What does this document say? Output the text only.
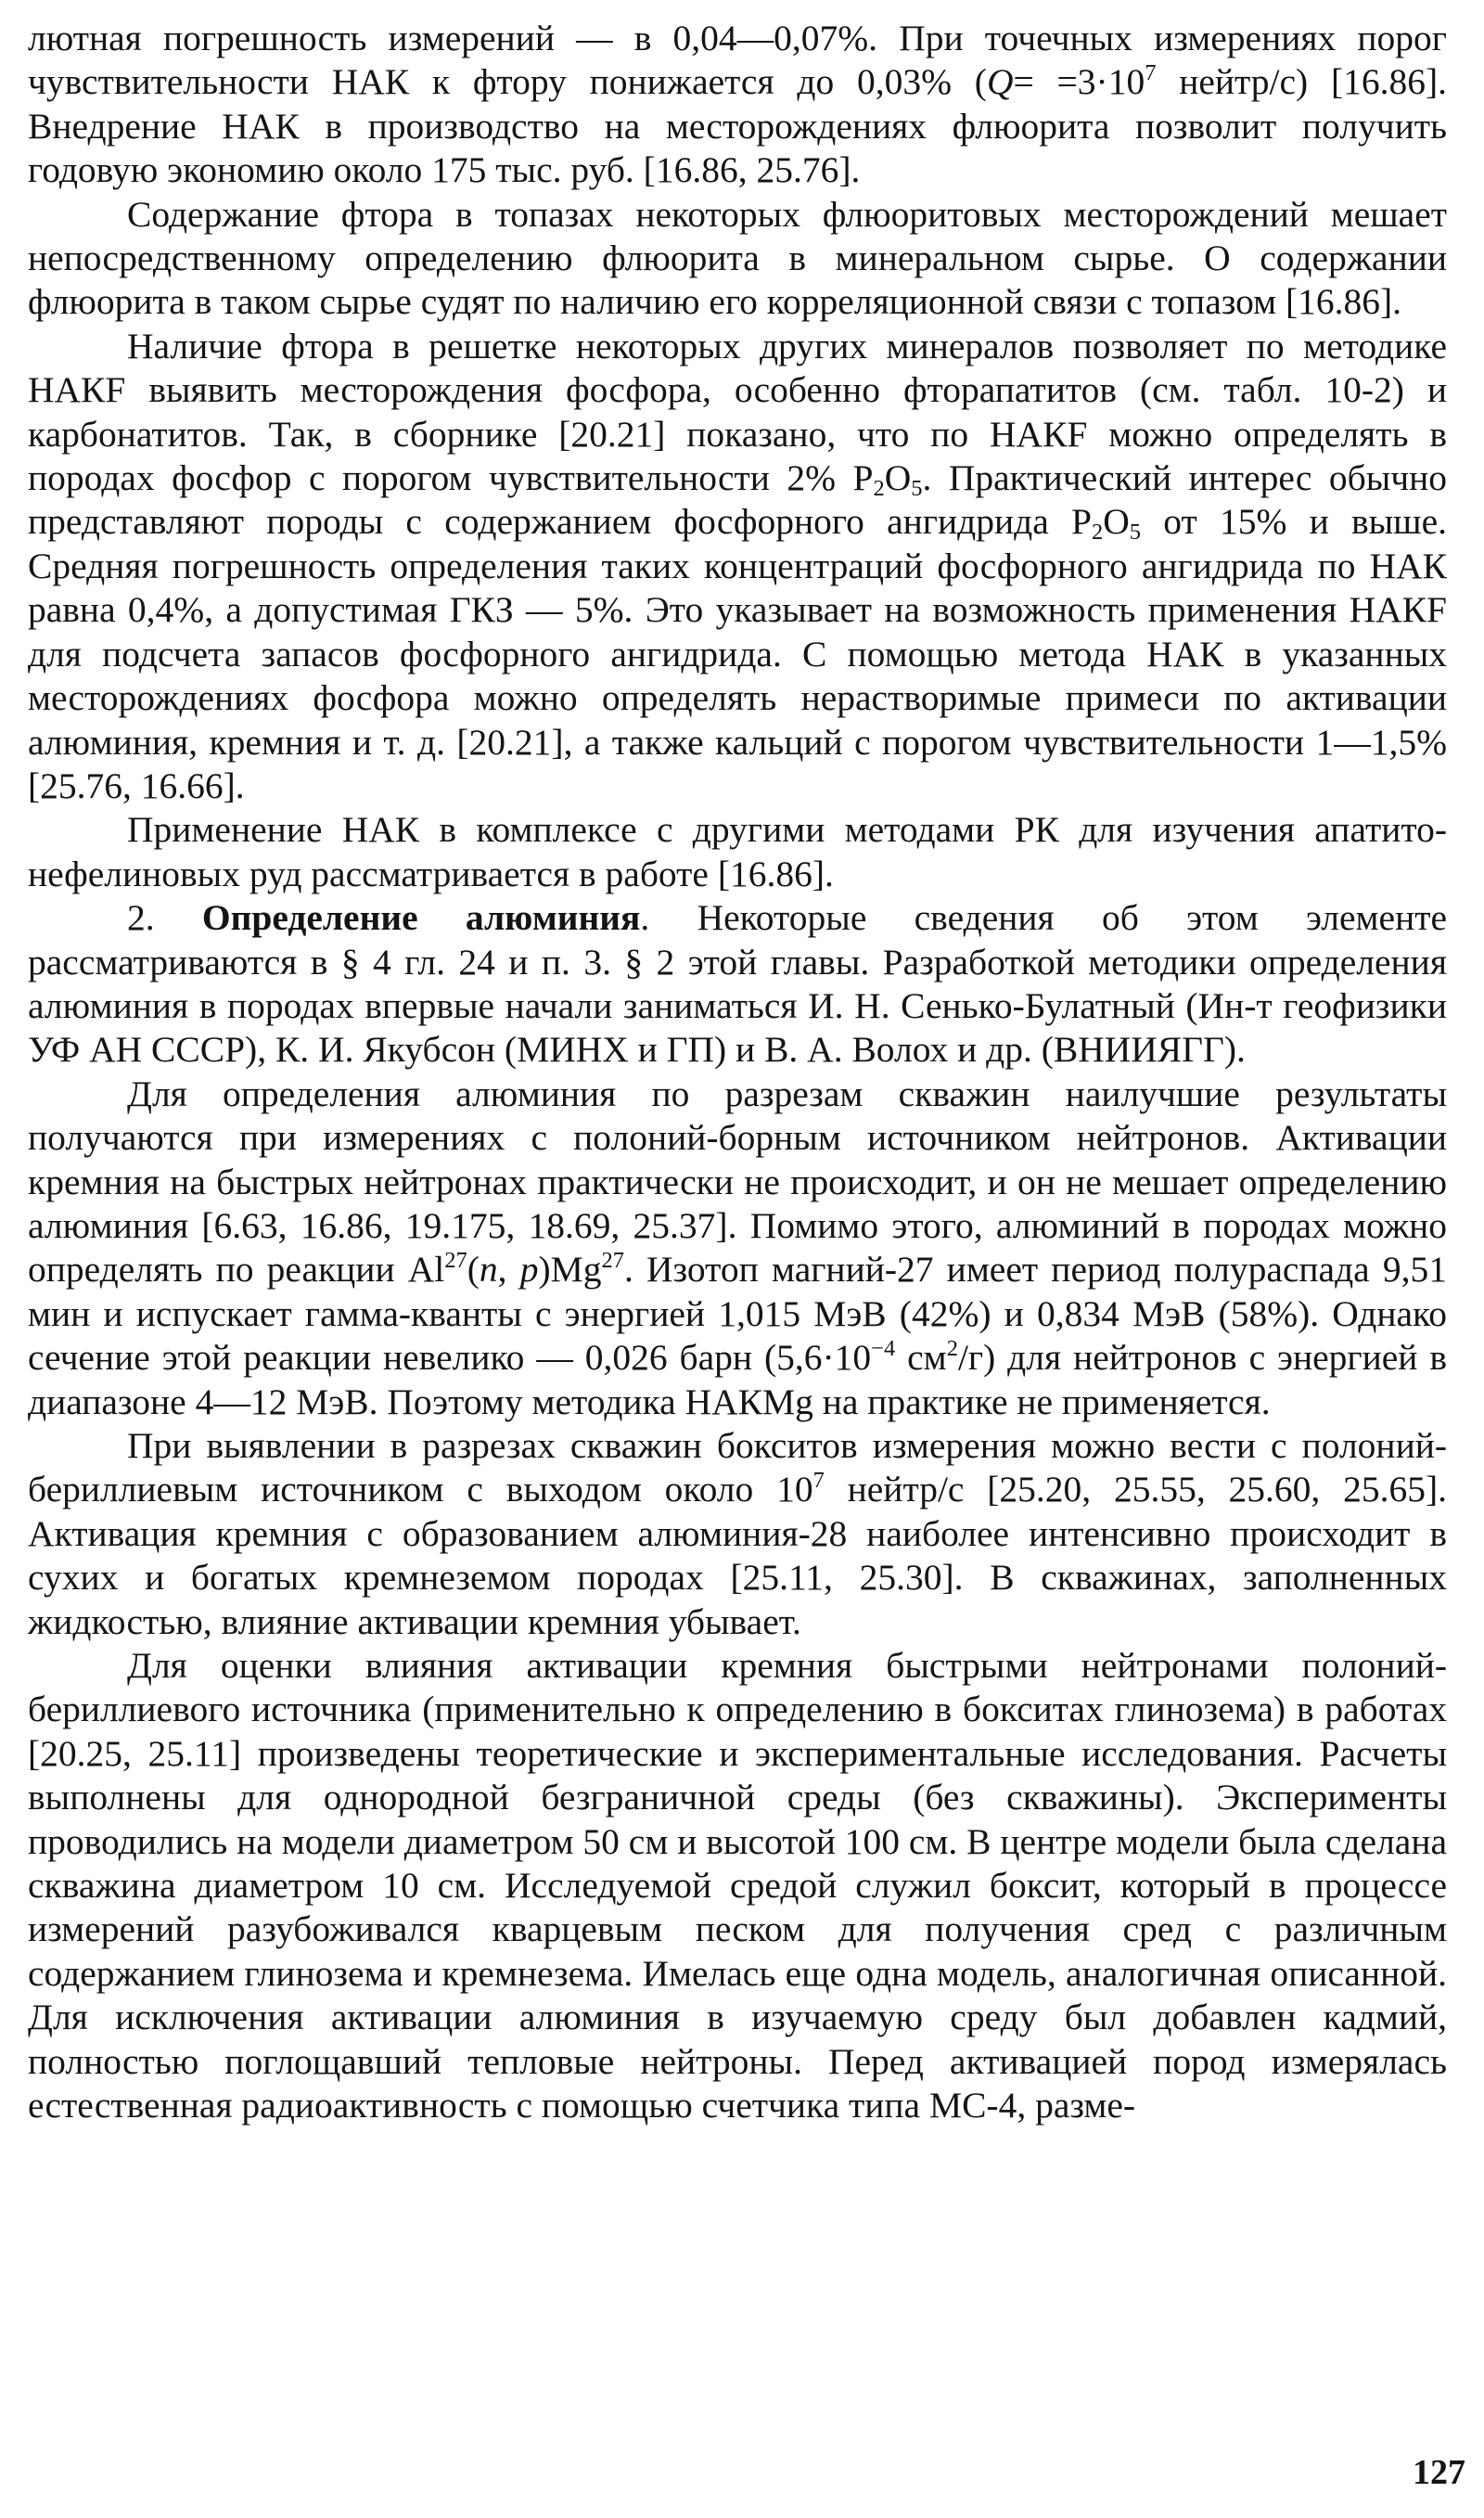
лютная погрешность измерений — в 0,04—0,07%. При точечных измерениях порог чувствительности НАК к фтору понижается до 0,03% ($Q= =3\cdot 10^7$ нейтр/с) [16.86]. Внедрение НАК в производство на месторождениях флюорита позволит получить годовую экономию около 175 тыс. руб. [16.86, 25.76].

Содержание фтора в топазах некоторых флюоритовых месторождений мешает непосредственному определению флюорита в минеральном сырье. О содержании флюорита в таком сырье судят по наличию его корреляционной связи с топазом [16.86].

Наличие фтора в решетке некоторых других минералов позволяет по методике НАКF выявить месторождения фосфора, особенно фторапатитов (см. табл. 10-2) и карбонатитов. Так, в сборнике [20.21] показано, что по НАКF можно определять в породах фосфор с порогом чувствительности 2% $P_2O_5$. Практический интерес обычно представляют породы с содержанием фосфорного ангидрида $P_2O_5$ от 15% и выше. Средняя погрешность определения таких концентраций фосфорного ангидрида по НАК равна 0,4%, а допустимая ГКЗ — 5%. Это указывает на возможность применения НАКF для подсчета запасов фосфорного ангидрида. С помощью метода НАК в указанных месторождениях фосфора можно определять нерастворимые примеси по активации алюминия, кремния и т. д. [20.21], а также кальций с порогом чувствительности 1—1,5% [25.76, 16.66].

Применение НАК в комплексе с другими методами РК для изучения апатито-нефелиновых руд рассматривается в работе [16.86].

2. Определение алюминия. Некоторые сведения об этом элементе рассматриваются в § 4 гл. 24 и п. 3. § 2 этой главы. Разработкой методики определения алюминия в породах впервые начали заниматься И. Н. Сенько-Булатный (Ин-т геофизики УФ АН СССР), К. И. Якубсон (МИНХ и ГП) и В. А. Волох и др. (ВНИИЯГГ).

Для определения алюминия по разрезам скважин наилучшие результаты получаются при измерениях с полоний-борным источником нейтронов. Активации кремния на быстрых нейтронах практически не происходит, и он не мешает определению алюминия [6.63, 16.86, 19.175, 18.69, 25.37]. Помимо этого, алюминий в породах можно определять по реакции Al$^{27}$(n, p)Mg$^{27}$. Изотоп магний-27 имеет период полураспада 9,51 мин и испускает гамма-кванты с энергией 1,015 МэВ (42%) и 0,834 МэВ (58%). Однако сечение этой реакции невелико — 0,026 барн ($5,6\cdot 10^{-4}$ $см^2/г$) для нейтронов с энергией в диапазоне 4—12 МэВ. Поэтому методика НАКMg на практике не применяется.

При выявлении в разрезах скважин бокситов измерения можно вести с полоний-бериллиевым источником с выходом около $10^7$ нейтр/с [25.20, 25.55, 25.60, 25.65]. Активация кремния с образованием алюминия-28 наиболее интенсивно происходит в сухих и богатых кремнеземом породах [25.11, 25.30]. В скважинах, заполненных жидкостью, влияние активации кремния убывает.

Для оценки влияния активации кремния быстрыми нейтронами полоний-бериллиевого источника (применительно к определению в бокситах глинозема) в работах [20.25, 25.11] произведены теоретические и экспериментальные исследования. Расчеты выполнены для однородной безграничной среды (без скважины). Эксперименты проводились на модели диаметром 50 см и высотой 100 см. В центре модели была сделана скважина диаметром 10 см. Исследуемой средой служил боксит, который в процессе измерений разубоживался кварцевым песком для получения сред с различным содержанием глинозема и кремнезема. Имелась еще одна модель, аналогичная описанной. Для исключения активации алюминия в изучаемую среду был добавлен кадмий, полностью поглощавший тепловые нейтроны. Перед активацией пород измерялась естественная радиоактивность с помощью счетчика типа МС-4, разме-

127
